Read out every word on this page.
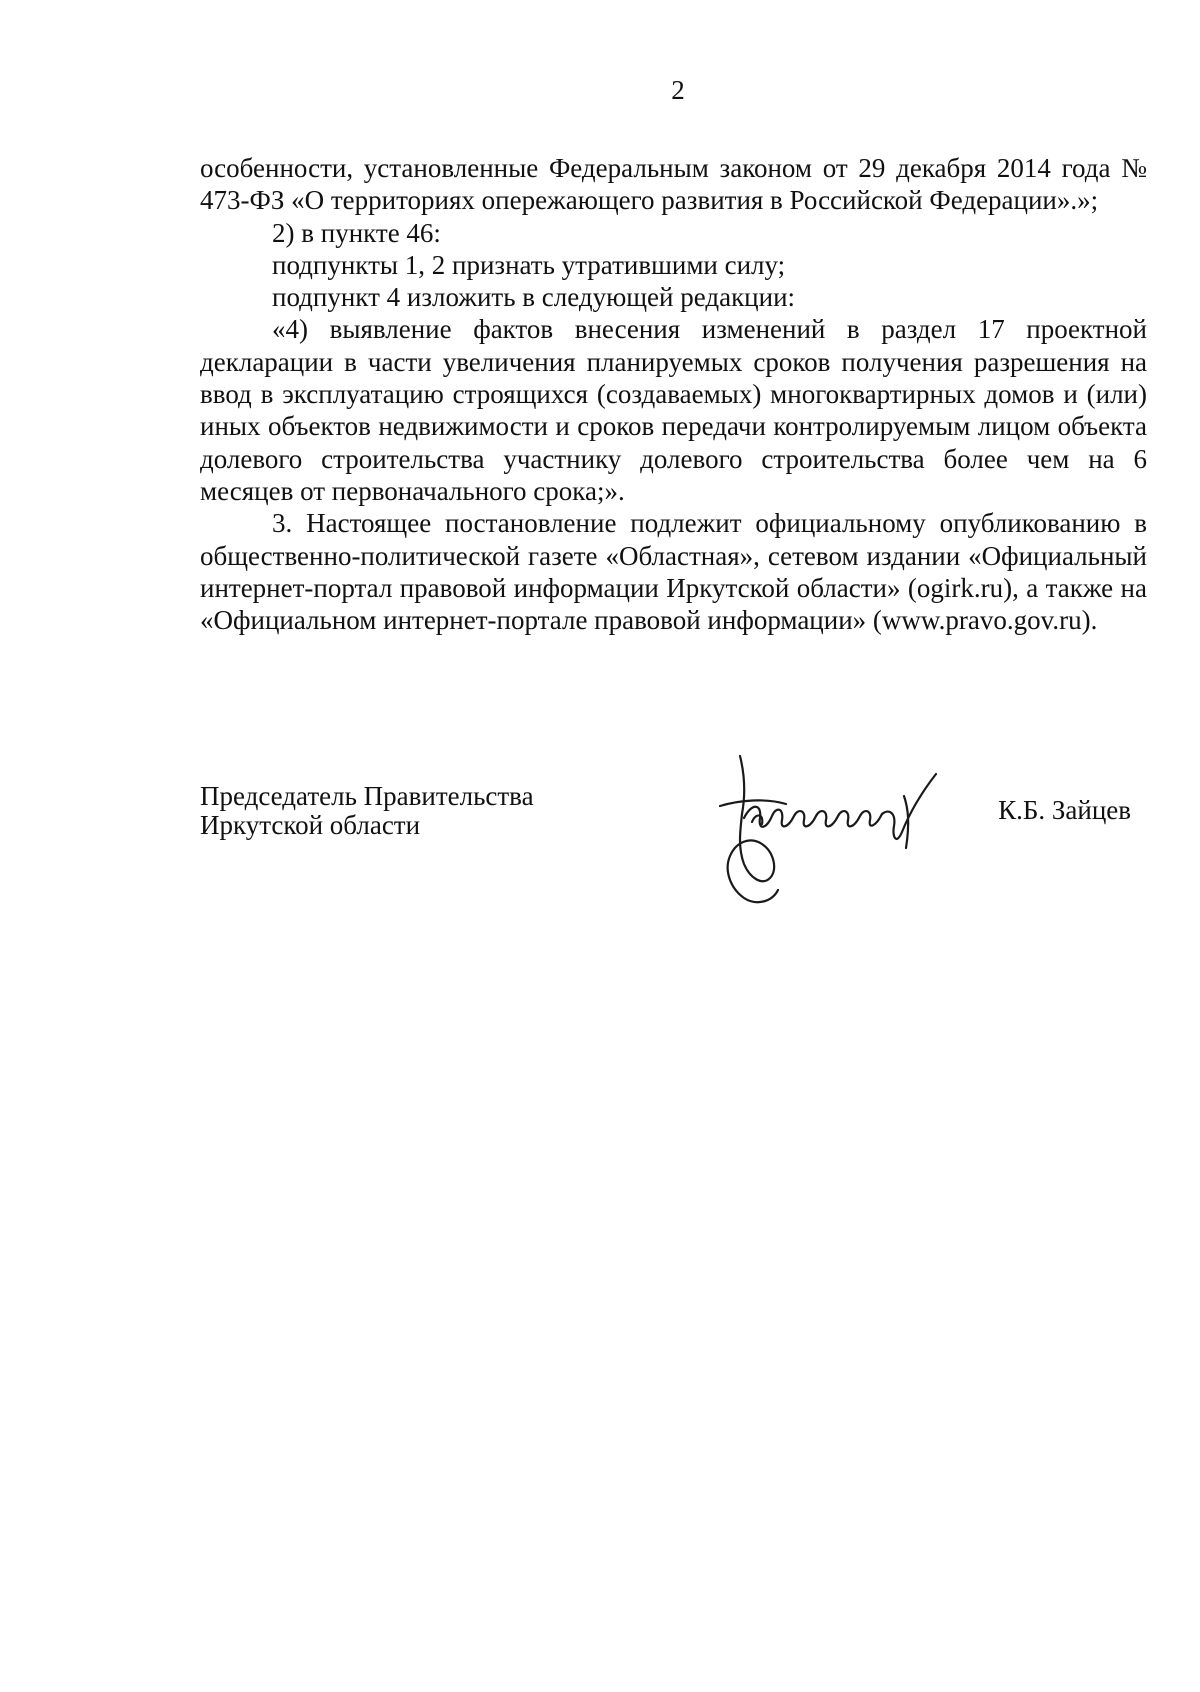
2

особенности, установленные Федеральным законом от 29 декабря 2014 года № 473-ФЗ «О территориях опережающего развития в Российской Федерации».»;

2) в пункте 46:

подпункты 1, 2 признать утратившими силу;

подпункт 4 изложить в следующей редакции:

«4) выявление фактов внесения изменений в раздел 17 проектной декларации в части увеличения планируемых сроков получения разрешения на ввод в эксплуатацию строящихся (создаваемых) многоквартирных домов и (или) иных объектов недвижимости и сроков передачи контролируемым лицом объекта долевого строительства участнику долевого строительства более чем на 6 месяцев от первоначального срока;».

3. Настоящее постановление подлежит официальному опубликованию в общественно-политической газете «Областная», сетевом издании «Официальный интернет-портал правовой информации Иркутской области» (ogirk.ru), а также на «Официальном интернет-портале правовой информации» (www.pravo.gov.ru).

Председатель Правительства
Иркутской области	К.Б. Зайцев
